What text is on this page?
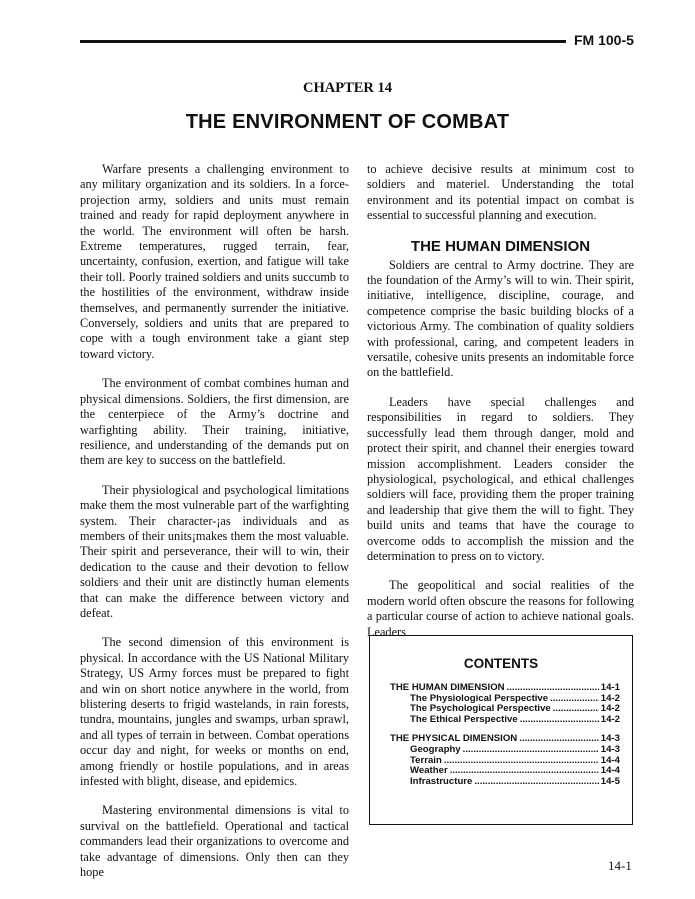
FM 100-5
CHAPTER 14
THE ENVIRONMENT OF COMBAT

Warfare presents a challenging environment to any military organization and its soldiers. In a force-projection army, soldiers and units must remain trained and ready for rapid deployment anywhere in the world. The environment will often be harsh. Extreme temperatures, rugged terrain, fear, uncertainty, confusion, exertion, and fatigue will take their toll. Poorly trained soldiers and units succumb to the hostilities of the environment, withdraw inside themselves, and permanently surrender the initiative. Conversely, soldiers and units that are prepared to cope with a tough environment take a giant step toward victory.

The environment of combat combines human and physical dimensions. Soldiers, the first dimension, are the centerpiece of the Army’s doctrine and warfighting ability. Their training, initiative, resilience, and understanding of the demands put on them are key to success on the battlefield.

Their physiological and psychological limitations make them the most vulnerable part of the warfighting system. Their character-¡as individuals and as members of their units¡makes them the most valuable. Their spirit and perseverance, their will to win, their dedication to the cause and their devotion to fellow soldiers and their unit are distinctly human elements that can make the difference between victory and defeat.

The second dimension of this environment is physical. In accordance with the US National Military Strategy, US Army forces must be prepared to fight and win on short notice anywhere in the world, from blistering deserts to frigid wastelands, in rain forests, tundra, mountains, jungles and swamps, urban sprawl, and all types of terrain in between. Combat operations occur day and night, for weeks or months on end, among friendly or hostile populations, and in areas infested with blight, disease, and epidemics.

Mastering environmental dimensions is vital to survival on the battlefield. Operational and tactical commanders lead their organizations to overcome and take advantage of dimensions. Only then can they hope

to achieve decisive results at minimum cost to soldiers and materiel. Understanding the total environment and its potential impact on combat is essential to successful planning and execution.

THE HUMAN DIMENSION

Soldiers are central to Army doctrine. They are the foundation of the Army’s will to win. Their spirit, initiative, intelligence, discipline, courage, and competence comprise the basic building blocks of a victorious Army. The combination of quality soldiers with professional, caring, and competent leaders in versatile, cohesive units presents an indomitable force on the battlefield.

Leaders have special challenges and responsibilities in regard to soldiers. They successfully lead them through danger, mold and protect their spirit, and channel their energies toward mission accomplishment. Leaders consider the physiological, psychological, and ethical challenges soldiers will face, providing them the proper training and leadership that give them the will to fight. They build units and teams that have the courage to overcome odds to accomplish the mission and the determination to press on to victory.

The geopolitical and social realities of the modern world often obscure the reasons for following a particular course of action to achieve national goals. Leaders

CONTENTS
THE HUMAN DIMENSION .....	14-1
The Physiological Perspective .....	14-2
The Psychological Perspective .....	14-2
The Ethical Perspective .....	14-2
THE PHYSICAL DIMENSION .....	14-3
Geography .....	14-3
Terrain .....	14-4
Weather .....	14-4
Infrastructure .....	14-5
14-1
